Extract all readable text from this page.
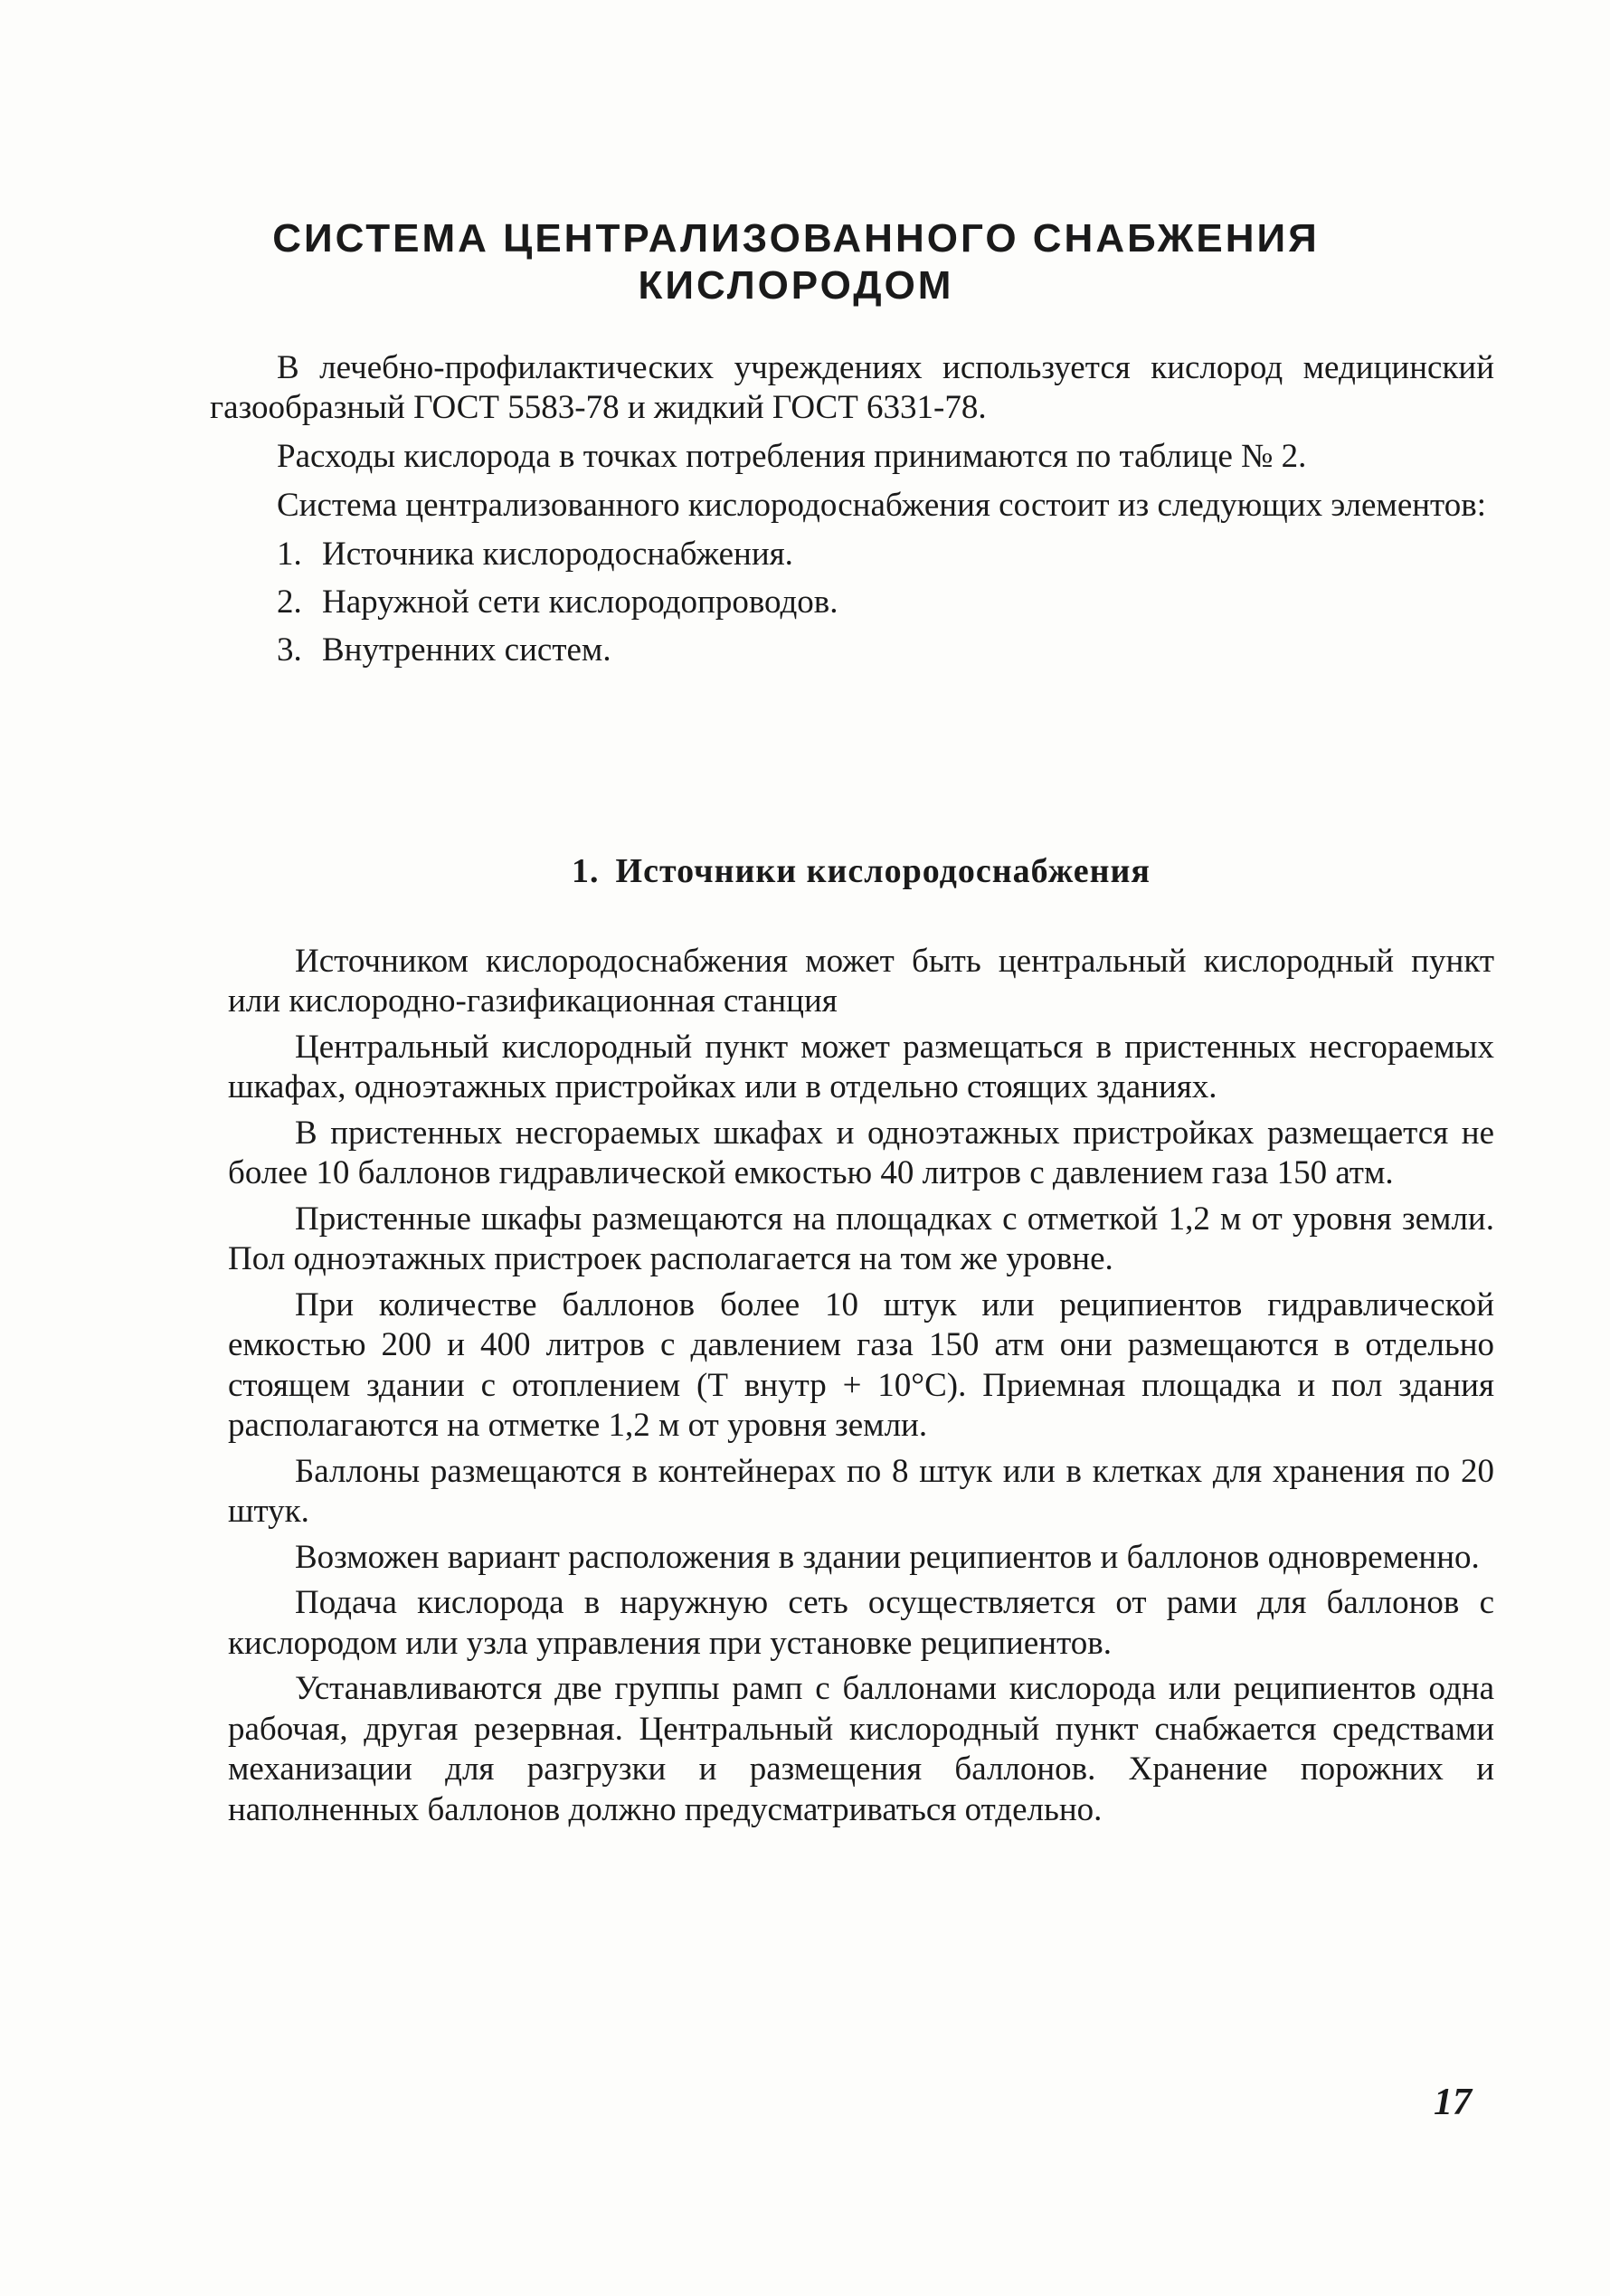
СИСТЕМА ЦЕНТРАЛИЗОВАННОГО СНАБЖЕНИЯ
КИСЛОРОДОМ

В лечебно-профилактических учреждениях используется кислород медицинский газообразный ГОСТ 5583-78 и жидкий ГОСТ 6331-78.

Расходы кислорода в точках потребления принимаются по таблице № 2.

Система централизованного кислородоснабжения состоит из следующих элементов:

1. Источника кислородоснабжения.
2. Наружной сети кислородопроводов.
3. Внутренних систем.
1. Источники кислородоснабжения

Источником кислородоснабжения может быть центральный кислородный пункт или кислородно-газификационная станция

Центральный кислородный пункт может размещаться в пристенных несгораемых шкафах, одноэтажных пристройках или в отдельно стоящих зданиях.

В пристенных несгораемых шкафах и одноэтажных пристройках размещается не более 10 баллонов гидравлической емкостью 40 литров с давлением газа 150 атм.

Пристенные шкафы размещаются на площадках с отметкой 1,2 м от уровня земли. Пол одноэтажных пристроек располагается на том же уровне.

При количестве баллонов более 10 штук или реципиентов гидравлической емкостью 200 и 400 литров с давлением газа 150 атм они размещаются в отдельно стоящем здании с отоплением (Т внутр + 10°С). Приемная площадка и пол здания располагаются на отметке 1,2 м от уровня земли.

Баллоны размещаются в контейнерах по 8 штук или в клетках для хранения по 20 штук.

Возможен вариант расположения в здании реципиентов и баллонов одновременно.

Подача кислорода в наружную сеть осуществляется от рами для баллонов с кислородом или узла управления при установке реципиентов.

Устанавливаются две группы рамп с баллонами кислорода или реципиентов одна рабочая, другая резервная. Центральный кислородный пункт снабжается средствами механизации для разгрузки и размещения баллонов. Хранение порожних и наполненных баллонов должно предусматриваться отдельно.

17
